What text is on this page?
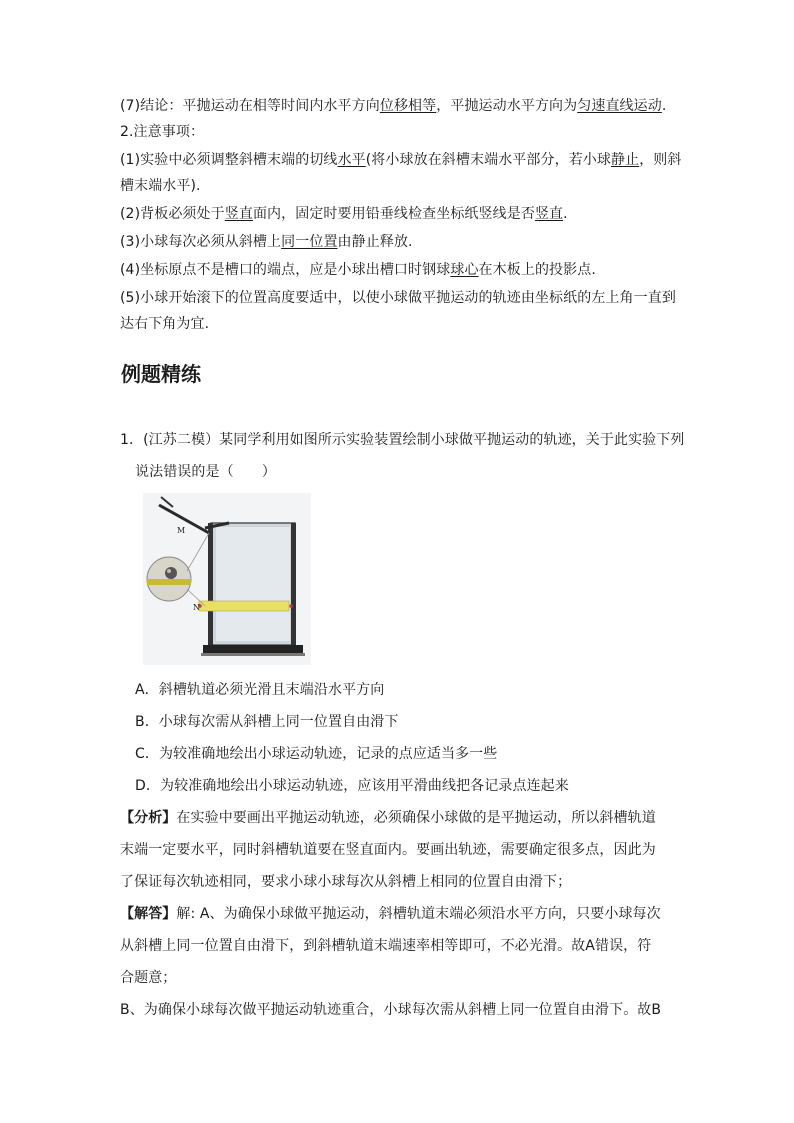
(7)结论：平抛运动在相等时间内水平方向位移相等，平抛运动水平方向为匀速直线运动.
2.注意事项：
(1)实验中必须调整斜槽末端的切线水平(将小球放在斜槽末端水平部分，若小球静止，则斜
槽末端水平).
(2)背板必须处于竖直面内，固定时要用铅垂线检查坐标纸竖线是否竖直.
(3)小球每次必须从斜槽上同一位置由静止释放.
(4)坐标原点不是槽口的端点，应是小球出槽口时钢球球心在木板上的投影点.
(5)小球开始滚下的位置高度要适中，以使小球做平抛运动的轨迹由坐标纸的左上角一直到
达右下角为宜.
例题精练
1．(江苏二模）某同学利用如图所示实验装置绘制小球做平抛运动的轨迹，关于此实验下列
说法错误的是（　　）
M
N
A．斜槽轨道必须光滑且末端沿水平方向
B．小球每次需从斜槽上同一位置自由滑下
C．为较准确地绘出小球运动轨迹，记录的点应适当多一些
D．为较准确地绘出小球运动轨迹，应该用平滑曲线把各记录点连起来
【分析】在实验中要画出平抛运动轨迹，必须确保小球做的是平抛运动，所以斜槽轨道
末端一定要水平，同时斜槽轨道要在竖直面内。要画出轨迹，需要确定很多点，因此为
了保证每次轨迹相同，要求小球小球每次从斜槽上相同的位置自由滑下；
【解答】解: A、为确保小球做平抛运动，斜槽轨道末端必须沿水平方向，只要小球每次
从斜槽上同一位置自由滑下，到斜槽轨道末端速率相等即可，不必光滑。故A错误，符
合题意；
B、为确保小球每次做平抛运动轨迹重合，小球每次需从斜槽上同一位置自由滑下。故B
